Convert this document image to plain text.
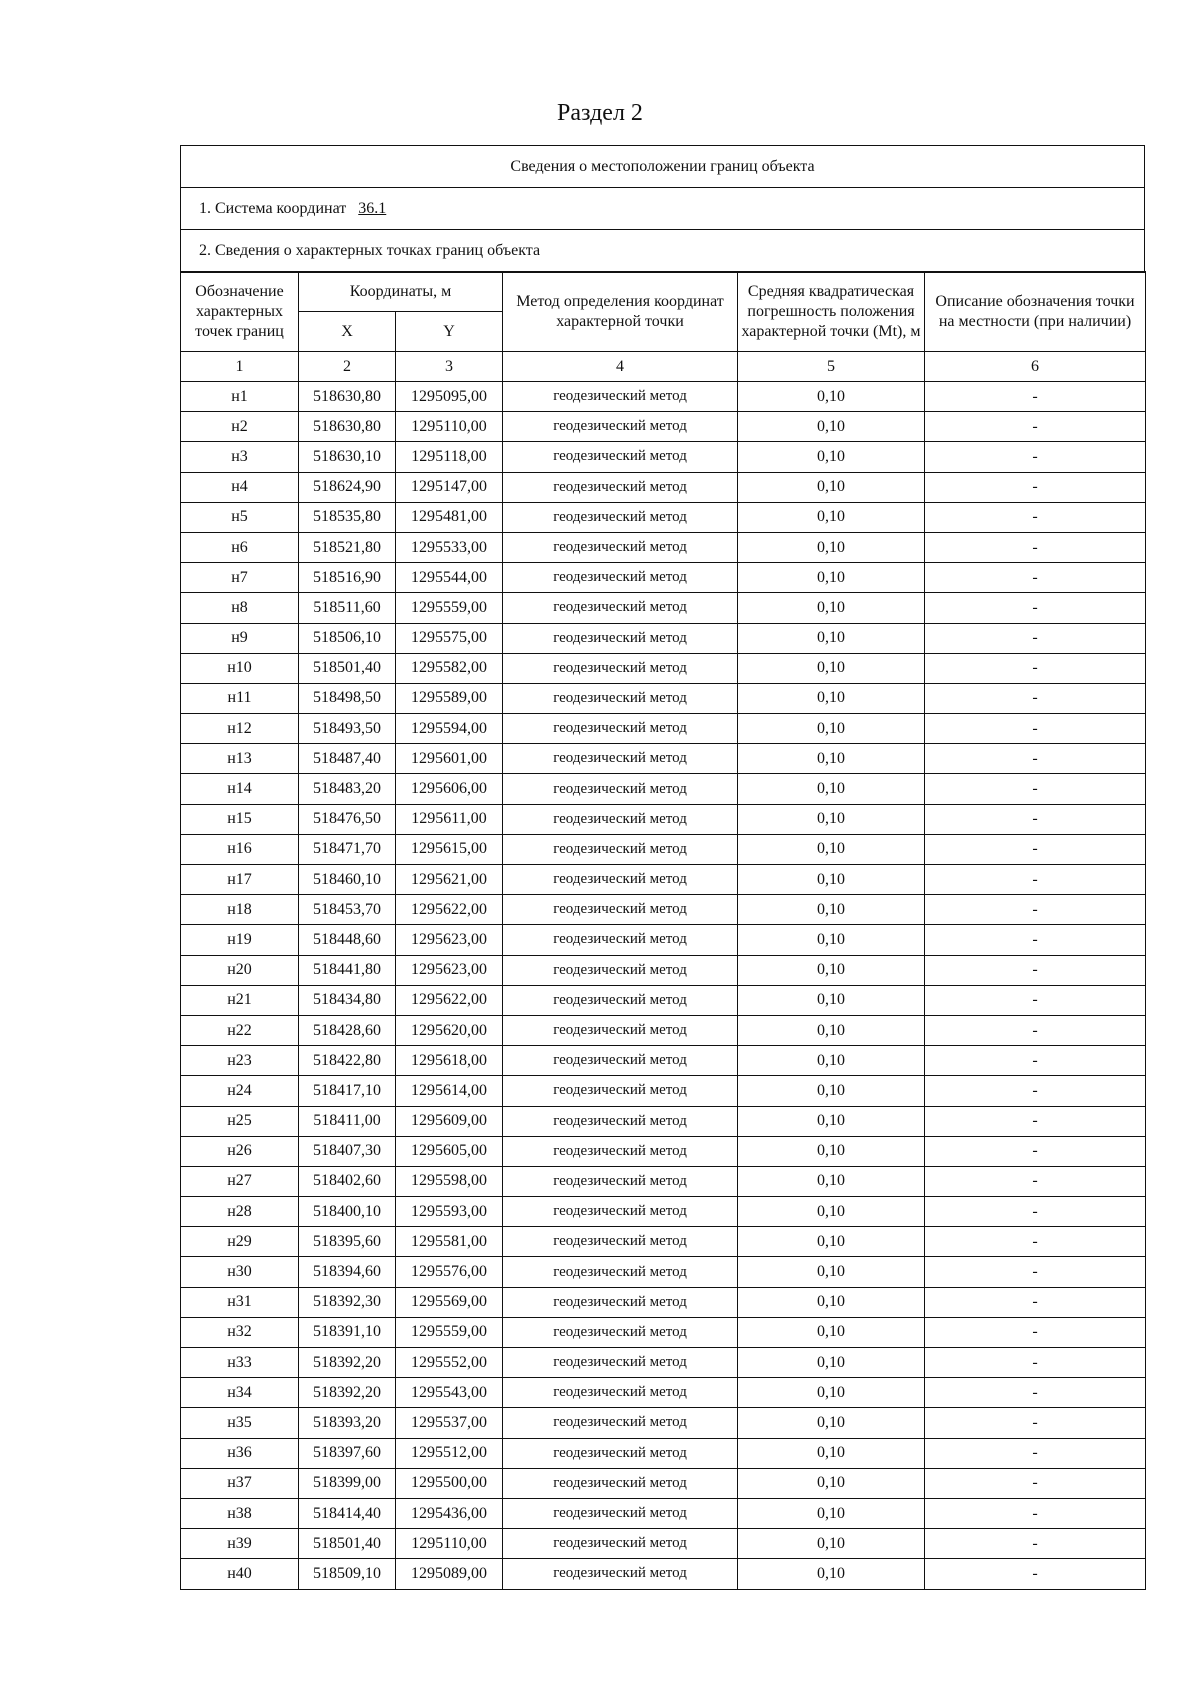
Раздел 2
Сведения о местоположении границ объекта
1. Система координат 36.1
2. Сведения о характерных точках границ объекта
Обозначение характерных точек границ	Координаты, м		Метод определения координат характерной точки	Средняя квадратическая погрешность положения характерной точки (Mt), м	Описание обозначения точки на местности (при наличии)
	X	Y			
1	2	3	4	5	6
н1	518630,80	1295095,00	геодезический метод	0,10	-
н2	518630,80	1295110,00	геодезический метод	0,10	-
н3	518630,10	1295118,00	геодезический метод	0,10	-
н4	518624,90	1295147,00	геодезический метод	0,10	-
н5	518535,80	1295481,00	геодезический метод	0,10	-
н6	518521,80	1295533,00	геодезический метод	0,10	-
н7	518516,90	1295544,00	геодезический метод	0,10	-
н8	518511,60	1295559,00	геодезический метод	0,10	-
н9	518506,10	1295575,00	геодезический метод	0,10	-
н10	518501,40	1295582,00	геодезический метод	0,10	-
н11	518498,50	1295589,00	геодезический метод	0,10	-
н12	518493,50	1295594,00	геодезический метод	0,10	-
н13	518487,40	1295601,00	геодезический метод	0,10	-
н14	518483,20	1295606,00	геодезический метод	0,10	-
н15	518476,50	1295611,00	геодезический метод	0,10	-
н16	518471,70	1295615,00	геодезический метод	0,10	-
н17	518460,10	1295621,00	геодезический метод	0,10	-
н18	518453,70	1295622,00	геодезический метод	0,10	-
н19	518448,60	1295623,00	геодезический метод	0,10	-
н20	518441,80	1295623,00	геодезический метод	0,10	-
н21	518434,80	1295622,00	геодезический метод	0,10	-
н22	518428,60	1295620,00	геодезический метод	0,10	-
н23	518422,80	1295618,00	геодезический метод	0,10	-
н24	518417,10	1295614,00	геодезический метод	0,10	-
н25	518411,00	1295609,00	геодезический метод	0,10	-
н26	518407,30	1295605,00	геодезический метод	0,10	-
н27	518402,60	1295598,00	геодезический метод	0,10	-
н28	518400,10	1295593,00	геодезический метод	0,10	-
н29	518395,60	1295581,00	геодезический метод	0,10	-
н30	518394,60	1295576,00	геодезический метод	0,10	-
н31	518392,30	1295569,00	геодезический метод	0,10	-
н32	518391,10	1295559,00	геодезический метод	0,10	-
н33	518392,20	1295552,00	геодезический метод	0,10	-
н34	518392,20	1295543,00	геодезический метод	0,10	-
н35	518393,20	1295537,00	геодезический метод	0,10	-
н36	518397,60	1295512,00	геодезический метод	0,10	-
н37	518399,00	1295500,00	геодезический метод	0,10	-
н38	518414,40	1295436,00	геодезический метод	0,10	-
н39	518501,40	1295110,00	геодезический метод	0,10	-
н40	518509,10	1295089,00	геодезический метод	0,10	-
